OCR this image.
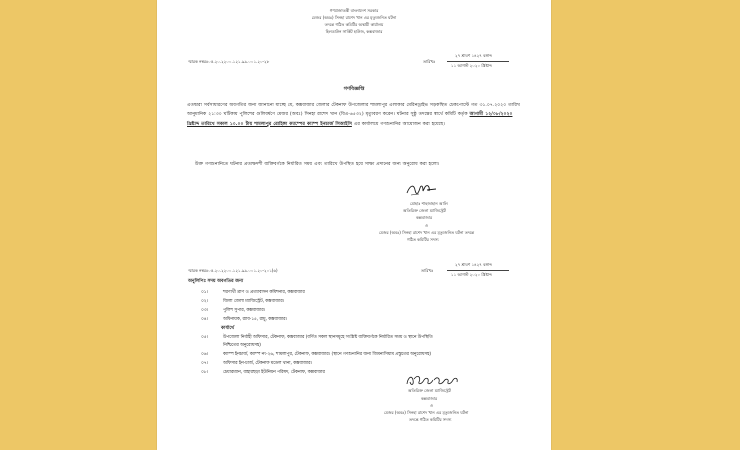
গণপ্রজাতন্ত্রী বাংলাদেশ সরকার
মেজর (অবঃ) সিনহা রাশেদ খান এর মৃত্যুজনিত ঘটনা
তদন্তে গঠিত কমিটির অস্থায়ী কার্যালয়
হিলডাউন সার্কিট হাউজ, কক্সবাজার
স্মারক নম্বরঃ০৫.২০.২২০০.১২১.৯৯.০০১.২০-২৮	তারিখঃ
২৭ শ্রাবণ ১৪২৭ বঙ্গাব্দ
১১ আগস্ট ২০২০ খ্রিষ্টাব্দ
গণবিজ্ঞপ্তি
এতদ্বারা সর্বসাধারণের অবগতির জন্য জানানো যাচ্ছে যে, কক্সবাজার জেলার টেকনাফ উপজেলার শামলাপুর এলাকার মেরিনড্রাইভ সড়কস্থিত চেকপোস্টে গত ৩১.০৭.২০২০ তারিখ আনুমানিক ২১:৩০ ঘটিকায় পুলিশের গুলিবর্ষণে মেজর (অবঃ) সিনহা রাশেদ খান (বিএ-৬৫৩২) মৃত্যুবরণ করেন। ঘটনার সুষ্ঠু তদন্তের স্বার্থে কমিটি কর্তৃক আগামী ১২/০৮/২০২০ খ্রিষ্টাব্দ তারিখে সকাল ১০.০০ টায় শামলাপুর রোহিঙ্গা ক্যাম্পের ক্যাম্প ইনচার্জ সিআইসি এর কার্যালয়ে গণশুনানির আয়োজন করা হয়েছে।
উক্ত গণশুনানিতে ঘটনার প্রত্যক্ষদর্শী ব্যক্তিবর্গকে নির্ধারিত সময় এবং তারিখে উপস্থিত হয়ে সাক্ষ্য প্রদানের জন্য অনুরোধ করা হলো।
মোহাঃ শাহজাহান আলি
অতিরিক্ত জেলা ম্যাজিস্ট্রেট
কক্সবাজার
ও
মেজর (অবঃ) সিনহা রাশেদ খান এর মৃত্যুজনিত ঘটনা তদন্তে
গঠিত কমিটির সদস্য
স্মারক নম্বরঃ০৫.২০.২২০০.১২১.৯৯.০০১.২০-২০১(৬)	তারিখঃ
২৭ শ্রাবণ ১৪২৭ বঙ্গাব্দ
১১ আগস্ট ২০২০ খ্রিষ্টাব্দ
অনুলিপিঃ সদয় অবগতির জন্য
০১।	শরণার্থী ত্রাণ ও প্রত্যাবাসন কমিশনার, কক্সবাজার
০২।	জিলা জেলা ম্যাজিস্ট্রেট, কক্সবাজার।
০৩।	পুলিশ সুপার, কক্সবাজার।
০৪।	অধিনায়ক, র‍্যাব-১৫, রামু, কক্সবাজার।
কার্যার্থে
০৫।	উপজেলা নির্বাহী অফিসার, টেকনাফ, কক্সবাজার (বর্ণিত সকল স্থানসমূহে সংশ্লিষ্ট ব্যক্তিবর্গকে নির্ধারিত সময় ও স্থানে উপস্থিতি
নিশ্চিতের অনুরোধসহ)
০৬।	ক্যাম্প ইনচার্জ, ক্যাম্প নং-২৬, শামলাপুর, টেকনাফ, কক্সবাজার। (স্থানে গণশুনানির জন্য জিমনাসিয়াম প্রস্তুতের অনুরোধসহ)
০৭।	অফিসার ইন-চার্জ, টেকনাফ মডেল থানা, কক্সবাজার।
০৮।	চেয়ারম্যান, বাহারছড়া ইউনিয়ন পরিষদ, টেকনাফ, কক্সবাজার
অতিরিক্ত জেলা ম্যাজিস্ট্রেট
কক্সবাজার
ও
মেজর (অবঃ) সিনহা রাশেদ খান এর মৃত্যুজনিত ঘটনা
তদন্তে গঠিত কমিটির সদস্য
